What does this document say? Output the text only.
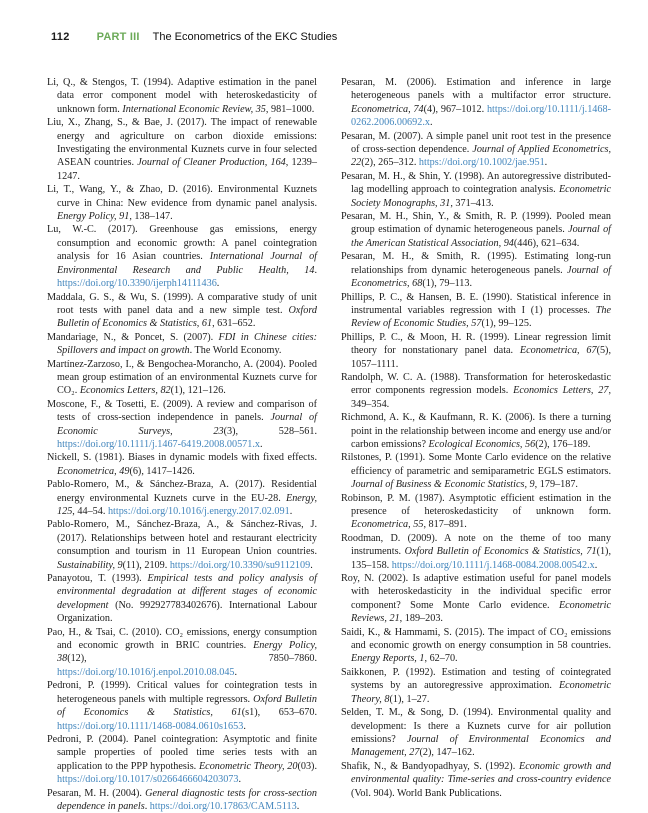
112 PART III The Econometrics of the EKC Studies

Li, Q., & Stengos, T. (1994). Adaptive estimation in the panel data error component model with heteroskedasticity of unknown form. International Economic Review, 35, 981–1000.

Liu, X., Zhang, S., & Bae, J. (2017). The impact of renewable energy and agriculture on carbon dioxide emissions: Investigating the environmental Kuznets curve in four selected ASEAN countries. Journal of Cleaner Production, 164, 1239–1247.

Li, T., Wang, Y., & Zhao, D. (2016). Environmental Kuznets curve in China: New evidence from dynamic panel analysis. Energy Policy, 91, 138–147.

Lu, W.-C. (2017). Greenhouse gas emissions, energy consumption and economic growth: A panel cointegration analysis for 16 Asian countries. International Journal of Environmental Research and Public Health, 14. https://doi.org/10.3390/ijerph14111436.

Maddala, G. S., & Wu, S. (1999). A comparative study of unit root tests with panel data and a new simple test. Oxford Bulletin of Economics & Statistics, 61, 631–652.

Mandariage, N., & Poncet, S. (2007). FDI in Chinese cities: Spillovers and impact on growth. The World Economy.

Martínez-Zarzoso, I., & Bengochea-Morancho, A. (2004). Pooled mean group estimation of an environmental Kuznets curve for CO₂. Economics Letters, 82(1), 121–126.

Moscone, F., & Tosetti, E. (2009). A review and comparison of tests of cross-section independence in panels. Journal of Economic Surveys, 23(3), 528–561. https://doi.org/10.1111/j.1467-6419.2008.00571.x.

Nickell, S. (1981). Biases in dynamic models with fixed effects. Econometrica, 49(6), 1417–1426.

Pablo-Romero, M., & Sánchez-Braza, A. (2017). Residential energy environmental Kuznets curve in the EU-28. Energy, 125, 44–54. https://doi.org/10.1016/j.energy.2017.02.091.

Pablo-Romero, M., Sánchez-Braza, A., & Sánchez-Rivas, J. (2017). Relationships between hotel and restaurant electricity consumption and tourism in 11 European Union countries. Sustainability, 9(11), 2109. https://doi.org/10.3390/su9112109.

Panayotou, T. (1993). Empirical tests and policy analysis of environmental degradation at different stages of economic development (No. 992927783402676). International Labour Organization.

Pao, H., & Tsai, C. (2010). CO₂ emissions, energy consumption and economic growth in BRIC countries. Energy Policy, 38(12), 7850–7860. https://doi.org/10.1016/j.enpol.2010.08.045.

Pedroni, P. (1999). Critical values for cointegration tests in heterogeneous panels with multiple regressors. Oxford Bulletin of Economics & Statistics, 61(s1), 653–670. https://doi.org/10.1111/1468-0084.0610s1653.

Pedroni, P. (2004). Panel cointegration: Asymptotic and finite sample properties of pooled time series tests with an application to the PPP hypothesis. Econometric Theory, 20(03). https://doi.org/10.1017/s0266466604203073.

Pesaran, M. H. (2004). General diagnostic tests for cross-section dependence in panels. https://doi.org/10.17863/CAM.5113.

Pesaran, M. (2006). Estimation and inference in large heterogeneous panels with a multifactor error structure. Econometrica, 74(4), 967–1012. https://doi.org/10.1111/j.1468-0262.2006.00692.x.

Pesaran, M. (2007). A simple panel unit root test in the presence of cross-section dependence. Journal of Applied Econometrics, 22(2), 265–312. https://doi.org/10.1002/jae.951.

Pesaran, M. H., & Shin, Y. (1998). An autoregressive distributed-lag modelling approach to cointegration analysis. Econometric Society Monographs, 31, 371–413.

Pesaran, M. H., Shin, Y., & Smith, R. P. (1999). Pooled mean group estimation of dynamic heterogeneous panels. Journal of the American Statistical Association, 94(446), 621–634.

Pesaran, M. H., & Smith, R. (1995). Estimating long-run relationships from dynamic heterogeneous panels. Journal of Econometrics, 68(1), 79–113.

Phillips, P. C., & Hansen, B. E. (1990). Statistical inference in instrumental variables regression with I (1) processes. The Review of Economic Studies, 57(1), 99–125.

Phillips, P. C., & Moon, H. R. (1999). Linear regression limit theory for nonstationary panel data. Econometrica, 67(5), 1057–1111.

Randolph, W. C. A. (1988). Transformation for heteroskedastic error components regression models. Economics Letters, 27, 349–354.

Richmond, A. K., & Kaufmann, R. K. (2006). Is there a turning point in the relationship between income and energy use and/or carbon emissions? Ecological Economics, 56(2), 176–189.

Rilstones, P. (1991). Some Monte Carlo evidence on the relative efficiency of parametric and semiparametric EGLS estimators. Journal of Business & Economic Statistics, 9, 179–187.

Robinson, P. M. (1987). Asymptotic efficient estimation in the presence of heteroskedasticity of unknown form. Econometrica, 55, 817–891.

Roodman, D. (2009). A note on the theme of too many instruments. Oxford Bulletin of Economics & Statistics, 71(1), 135–158. https://doi.org/10.1111/j.1468-0084.2008.00542.x.

Roy, N. (2002). Is adaptive estimation useful for panel models with heteroskedasticity in the individual specific error component? Some Monte Carlo evidence. Econometric Reviews, 21, 189–203.

Saidi, K., & Hammami, S. (2015). The impact of CO₂ emissions and economic growth on energy consumption in 58 countries. Energy Reports, 1, 62–70.

Saikkonen, P. (1992). Estimation and testing of cointegrated systems by an autoregressive approximation. Econometric Theory, 8(1), 1–27.

Selden, T. M., & Song, D. (1994). Environmental quality and development: Is there a Kuznets curve for air pollution emissions? Journal of Environmental Economics and Management, 27(2), 147–162.

Shafik, N., & Bandyopadhyay, S. (1992). Economic growth and environmental quality: Time-series and cross-country evidence (Vol. 904). World Bank Publications.
